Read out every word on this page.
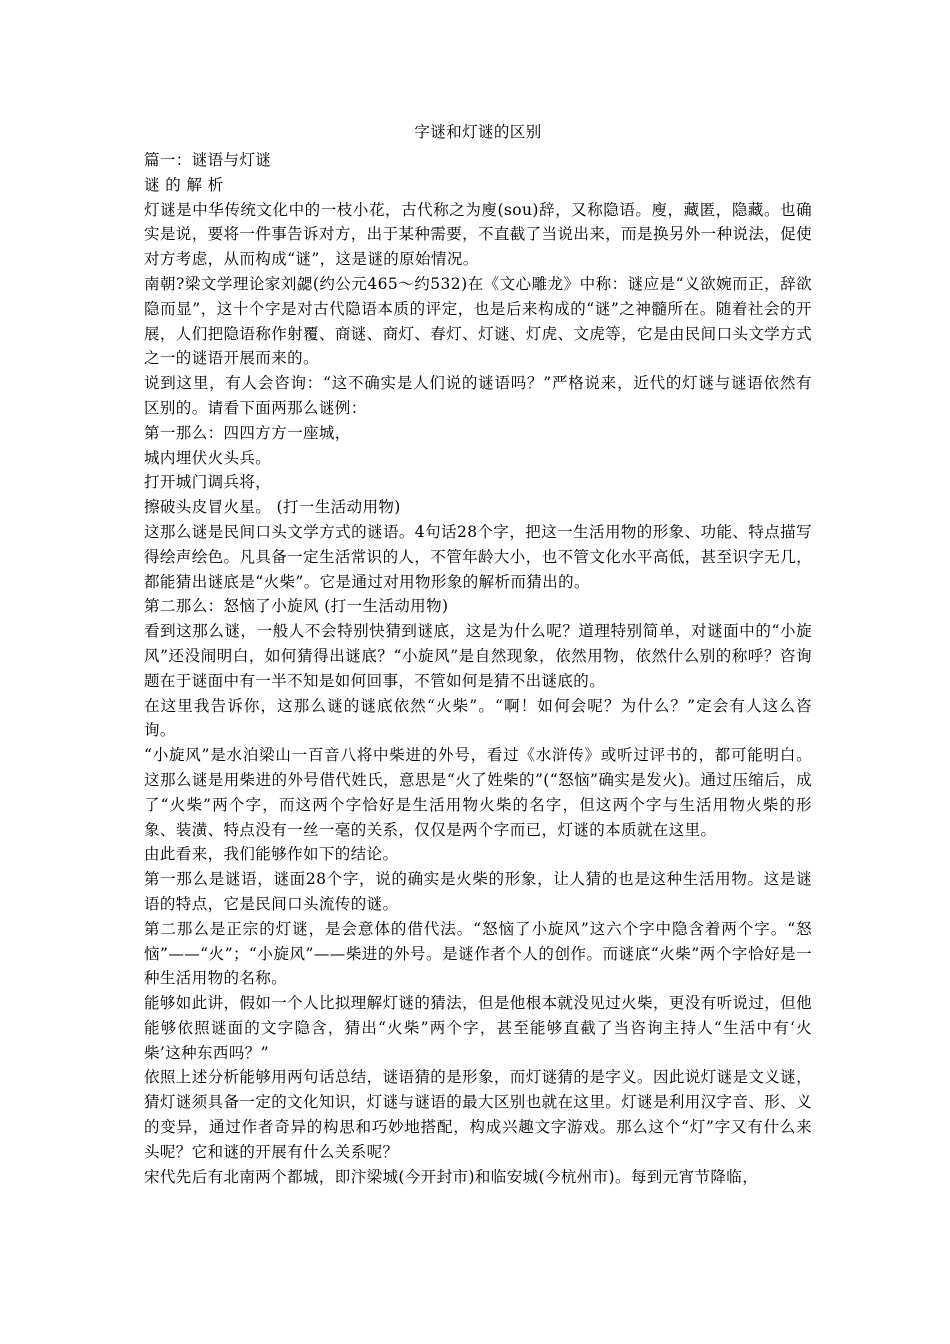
字谜和灯谜的区别

篇一：谜语与灯谜

谜 的 解 析

灯谜是中华传统文化中的一枝小花，古代称之为廋(sou)辞，又称隐语。廋，藏匿，隐藏。也确实是说，要将一件事告诉对方，出于某种需要，不直截了当说出来，而是换另外一种说法，促使对方考虑，从而构成“谜”，这是谜的原始情况。

南朝?梁文学理论家刘勰(约公元465～约532)在《文心雕龙》中称：谜应是“义欲婉而正，辞欲隐而显”，这十个字是对古代隐语本质的评定，也是后来构成的“谜”之神髓所在。随着社会的开展，人们把隐语称作射覆、商谜、商灯、春灯、灯谜、灯虎、文虎等，它是由民间口头文学方式之一的谜语开展而来的。

说到这里，有人会咨询：“这不确实是人们说的谜语吗？”严格说来，近代的灯谜与谜语依然有区别的。请看下面两那么谜例：

第一那么：四四方方一座城，

城内埋伏火头兵。

打开城门调兵将，

擦破头皮冒火星。 (打一生活动用物)

这那么谜是民间口头文学方式的谜语。4句话28个字，把这一生活用物的形象、功能、特点描写得绘声绘色。凡具备一定生活常识的人，不管年龄大小，也不管文化水平高低，甚至识字无几，都能猜出谜底是“火柴”。它是通过对用物形象的解析而猜出的。

第二那么：怒恼了小旋风 (打一生活动用物)

看到这那么谜，一般人不会特别快猜到谜底，这是为什么呢？道理特别简单，对谜面中的“小旋风”还没闹明白，如何猜得出谜底？“小旋风”是自然现象，依然用物，依然什么别的称呼？咨询题在于谜面中有一半不知是如何回事，不管如何是猜不出谜底的。

在这里我告诉你，这那么谜的谜底依然“火柴”。“啊！如何会呢？为什么？”定会有人这么咨询。

“小旋风”是水泊梁山一百音八将中柴进的外号，看过《水浒传》或听过评书的，都可能明白。这那么谜是用柴进的外号借代姓氏，意思是“火了姓柴的”(“怒恼”确实是发火)。通过压缩后，成了“火柴”两个字，而这两个字恰好是生活用物火柴的名字，但这两个字与生活用物火柴的形象、装潢、特点没有一丝一毫的关系，仅仅是两个字而已，灯谜的本质就在这里。

由此看来，我们能够作如下的结论。

第一那么是谜语，谜面28个字，说的确实是火柴的形象，让人猜的也是这种生活用物。这是谜语的特点，它是民间口头流传的谜。

第二那么是正宗的灯谜，是会意体的借代法。“怒恼了小旋风”这六个字中隐含着两个字。“怒恼”——“火”；“小旋风”——柴进的外号。是谜作者个人的创作。而谜底“火柴”两个字恰好是一种生活用物的名称。

能够如此讲，假如一个人比拟理解灯谜的猜法，但是他根本就没见过火柴，更没有听说过，但他能够依照谜面的文字隐含，猜出“火柴”两个字，甚至能够直截了当咨询主持人“生活中有‘火柴’这种东西吗？”

依照上述分析能够用两句话总结，谜语猜的是形象，而灯谜猜的是字义。因此说灯谜是文义谜，猜灯谜须具备一定的文化知识，灯谜与谜语的最大区别也就在这里。灯谜是利用汉字音、形、义的变异，通过作者奇异的构思和巧妙地搭配，构成兴趣文字游戏。那么这个“灯”字又有什么来头呢？它和谜的开展有什么关系呢？

宋代先后有北南两个都城，即汴梁城(今开封市)和临安城(今杭州市)。每到元宵节降临，
